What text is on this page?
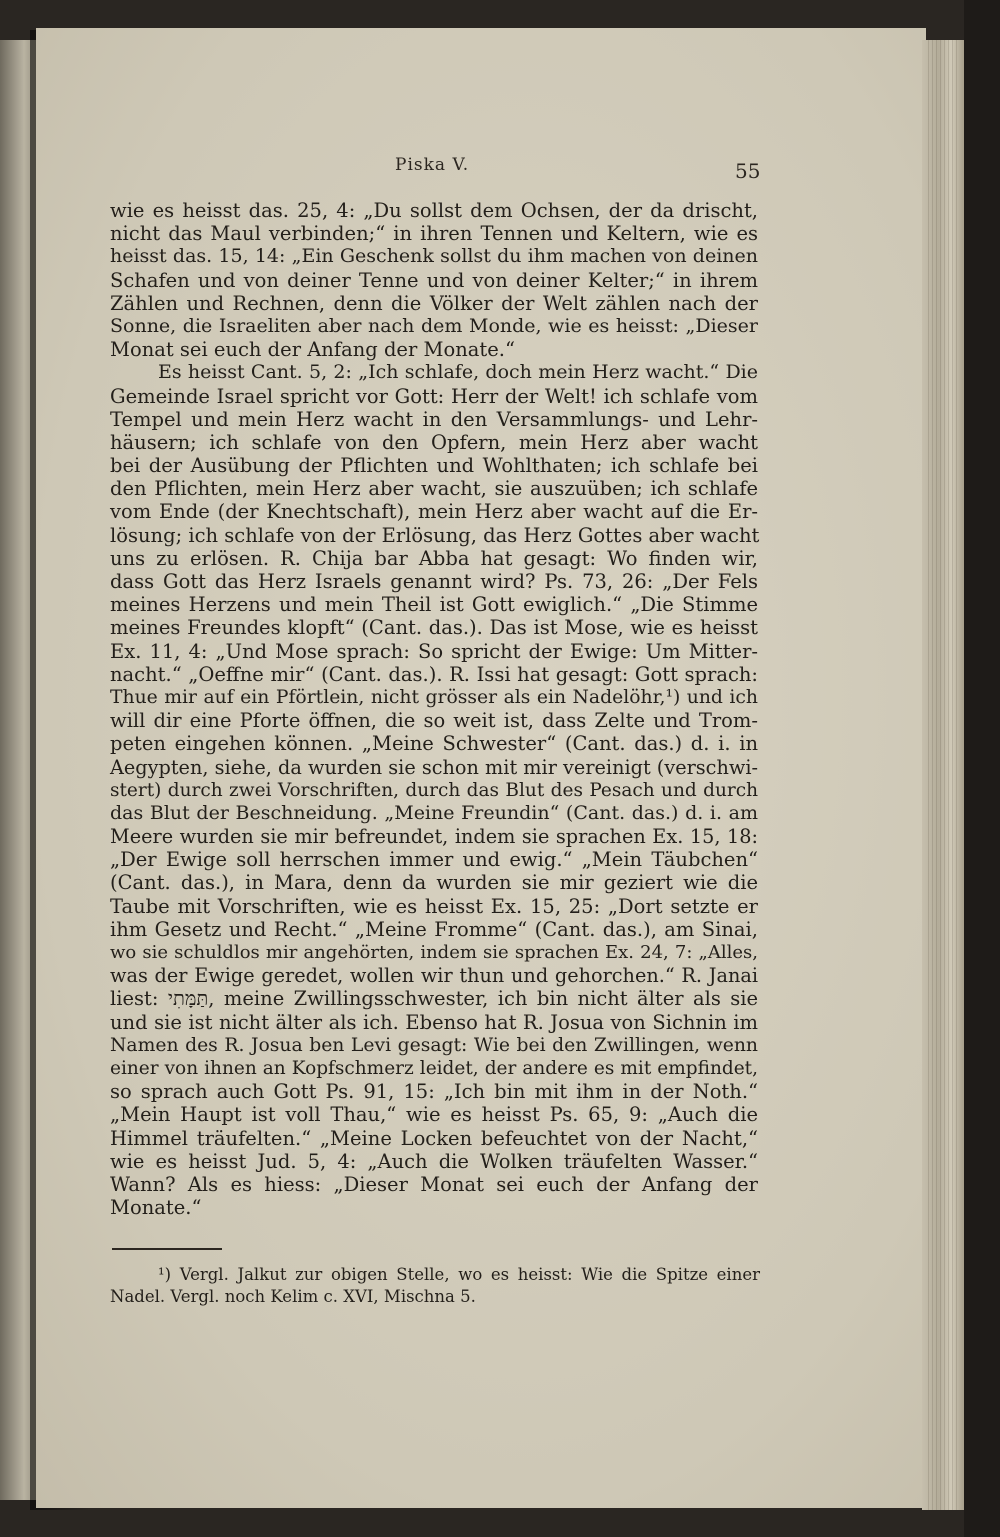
Piska V.	55
wie es heisst das. 25, 4: „Du sollst dem Ochsen, der da drischt,
nicht das Maul verbinden;“ in ihren Tennen und Keltern, wie es
heisst das. 15, 14: „Ein Geschenk sollst du ihm machen von deinen
Schafen und von deiner Tenne und von deiner Kelter;“ in ihrem
Zählen und Rechnen, denn die Völker der Welt zählen nach der
Sonne, die Israeliten aber nach dem Monde, wie es heisst: „Dieser
Monat sei euch der Anfang der Monate.“
Es heisst Cant. 5, 2: „Ich schlafe, doch mein Herz wacht.“ Die
Gemeinde Israel spricht vor Gott: Herr der Welt! ich schlafe vom
Tempel und mein Herz wacht in den Versammlungs- und Lehr-
häusern; ich schlafe von den Opfern, mein Herz aber wacht
bei der Ausübung der Pflichten und Wohlthaten; ich schlafe bei
den Pflichten, mein Herz aber wacht, sie auszuüben; ich schlafe
vom Ende (der Knechtschaft), mein Herz aber wacht auf die Er-
lösung; ich schlafe von der Erlösung, das Herz Gottes aber wacht
uns zu erlösen. R. Chija bar Abba hat gesagt: Wo finden wir,
dass Gott das Herz Israels genannt wird? Ps. 73, 26: „Der Fels
meines Herzens und mein Theil ist Gott ewiglich.“ „Die Stimme
meines Freundes klopft“ (Cant. das.). Das ist Mose, wie es heisst
Ex. 11, 4: „Und Mose sprach: So spricht der Ewige: Um Mitter-
nacht.“ „Oeffne mir“ (Cant. das.). R. Issi hat gesagt: Gott sprach:
Thue mir auf ein Pförtlein, nicht grösser als ein Nadelöhr,¹) und ich
will dir eine Pforte öffnen, die so weit ist, dass Zelte und Trom-
peten eingehen können. „Meine Schwester“ (Cant. das.) d. i. in
Aegypten, siehe, da wurden sie schon mit mir vereinigt (verschwi-
stert) durch zwei Vorschriften, durch das Blut des Pesach und durch
das Blut der Beschneidung. „Meine Freundin“ (Cant. das.) d. i. am
Meere wurden sie mir befreundet, indem sie sprachen Ex. 15, 18:
„Der Ewige soll herrschen immer und ewig.“ „Mein Täubchen“
(Cant. das.), in Mara, denn da wurden sie mir geziert wie die
Taube mit Vorschriften, wie es heisst Ex. 15, 25: „Dort setzte er
ihm Gesetz und Recht.“ „Meine Fromme“ (Cant. das.), am Sinai,
wo sie schuldlos mir angehörten, indem sie sprachen Ex. 24, 7: „Alles,
was der Ewige geredet, wollen wir thun und gehorchen.“ R. Janai
liest: תַּמָּתִי, meine Zwillingsschwester, ich bin nicht älter als sie
und sie ist nicht älter als ich. Ebenso hat R. Josua von Sichnin im
Namen des R. Josua ben Levi gesagt: Wie bei den Zwillingen, wenn
einer von ihnen an Kopfschmerz leidet, der andere es mit empfindet,
so sprach auch Gott Ps. 91, 15: „Ich bin mit ihm in der Noth.“
„Mein Haupt ist voll Thau,“ wie es heisst Ps. 65, 9: „Auch die
Himmel träufelten.“ „Meine Locken befeuchtet von der Nacht,“
wie es heisst Jud. 5, 4: „Auch die Wolken träufelten Wasser.“
Wann? Als es hiess: „Dieser Monat sei euch der Anfang der
Monate.“
¹) Vergl. Jalkut zur obigen Stelle, wo es heisst: Wie die Spitze einer
Nadel. Vergl. noch Kelim c. XVI, Mischna 5.
